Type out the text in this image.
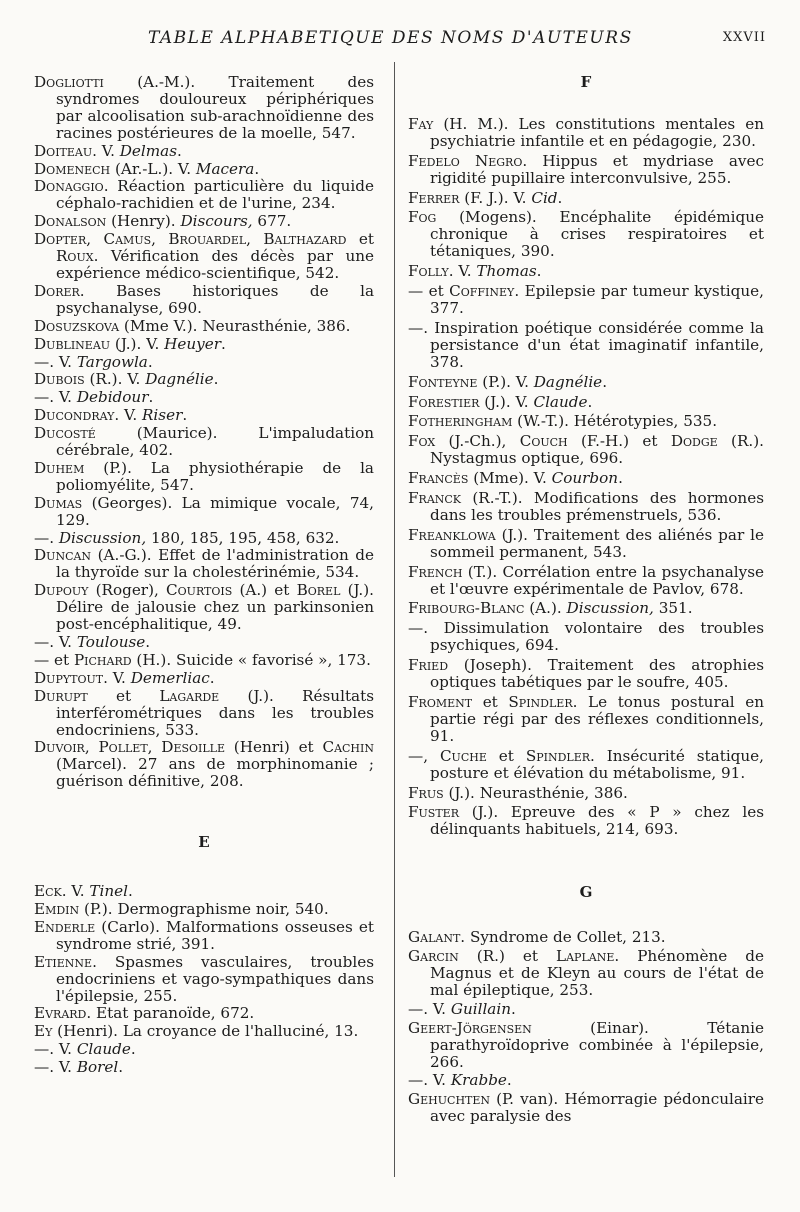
TABLE ALPHABETIQUE DES NOMS D'AUTEURS	XXVII
Dogliotti (A.-M.). Traitement des syndromes douloureux périphériques par alcoolisation sub-arachnoïdienne des racines postérieures de la moelle, 547.
Doiteau. V. Delmas.
Domenech (Ar.-L.). V. Macera.
Donaggio. Réaction particulière du liquide céphalo-rachidien et de l'urine, 234.
Donalson (Henry). Discours, 677.
Dopter, Camus, Brouardel, Balthazard et Roux. Vérification des décès par une expérience médico-scientifique, 542.
Dorer. Bases historiques de la psychanalyse, 690.
Dosuzskova (Mme V.). Neurasthénie, 386.
Dublineau (J.). V. Heuyer.
—. V. Targowla.
Dubois (R.). V. Dagnélie.
—. V. Debidour.
Ducondray. V. Riser.
Ducosté (Maurice). L'impaludation cérébrale, 402.
Duhem (P.). La physiothérapie de la poliomyélite, 547.
Dumas (Georges). La mimique vocale, 74, 129.
—. Discussion, 180, 185, 195, 458, 632.
Duncan (A.-G.). Effet de l'administration de la thyroïde sur la cholestérinémie, 534.
Dupouy (Roger), Courtois (A.) et Borel (J.). Délire de jalousie chez un parkinsonien post-encéphalitique, 49.
—. V. Toulouse.
— et Pichard (H.). Suicide « favorisé », 173.
Dupytout. V. Demerliac.
Durupt et Lagarde (J.). Résultats interférométriques dans les troubles endocriniens, 533.
Duvoir, Pollet, Desoille (Henri) et Cachin (Marcel). 27 ans de morphinomanie ; guérison définitive, 208.
E
Eck. V. Tinel.
Emdin (P.). Dermographisme noir, 540.
Enderle (Carlo). Malformations osseuses et syndrome strié, 391.
Etienne. Spasmes vasculaires, troubles endocriniens et vago-sympathiques dans l'épilepsie, 255.
Evrard. Etat paranoïde, 672.
Ey (Henri). La croyance de l'halluciné, 13.
—. V. Claude.
—. V. Borel.
F
Fay (H. M.). Les constitutions mentales en psychiatrie infantile et en pédagogie, 230.
Fedelo Negro. Hippus et mydriase avec rigidité pupillaire interconvulsive, 255.
Ferrer (F. J.). V. Cid.
Fog (Mogens). Encéphalite épidémique chronique à crises respiratoires et tétaniques, 390.
Folly. V. Thomas.
— et Coffiney. Epilepsie par tumeur kystique, 377.
—. Inspiration poétique considérée comme la persistance d'un état imaginatif infantile, 378.
Fonteyne (P.). V. Dagnélie.
Forestier (J.). V. Claude.
Fotheringham (W.-T.). Hétérotypies, 535.
Fox (J.-Ch.), Couch (F.-H.) et Dodge (R.). Nystagmus optique, 696.
Francès (Mme). V. Courbon.
Franck (R.-T.). Modifications des hormones dans les troubles prémenstruels, 536.
Freanklowa (J.). Traitement des aliénés par le sommeil permanent, 543.
French (T.). Corrélation entre la psychanalyse et l'œuvre expérimentale de Pavlov, 678.
Fribourg-Blanc (A.). Discussion, 351.
—. Dissimulation volontaire des troubles psychiques, 694.
Fried (Joseph). Traitement des atrophies optiques tabétiques par le soufre, 405.
Froment et Spindler. Le tonus postural en partie régi par des réflexes conditionnels, 91.
—, Cuche et Spindler. Insécurité statique, posture et élévation du métabolisme, 91.
Frus (J.). Neurasthénie, 386.
Fuster (J.). Epreuve des « P » chez les délinquants habituels, 214, 693.
G
Galant. Syndrome de Collet, 213.
Garcin (R.) et Laplane. Phénomène de Magnus et de Kleyn au cours de l'état de mal épileptique, 253.
—. V. Guillain.
Geert-Jörgensen (Einar). Tétanie parathyroïdoprive combinée à l'épilepsie, 266.
—. V. Krabbe.
Gehuchten (P. van). Hémorragie pédonculaire avec paralysie des
